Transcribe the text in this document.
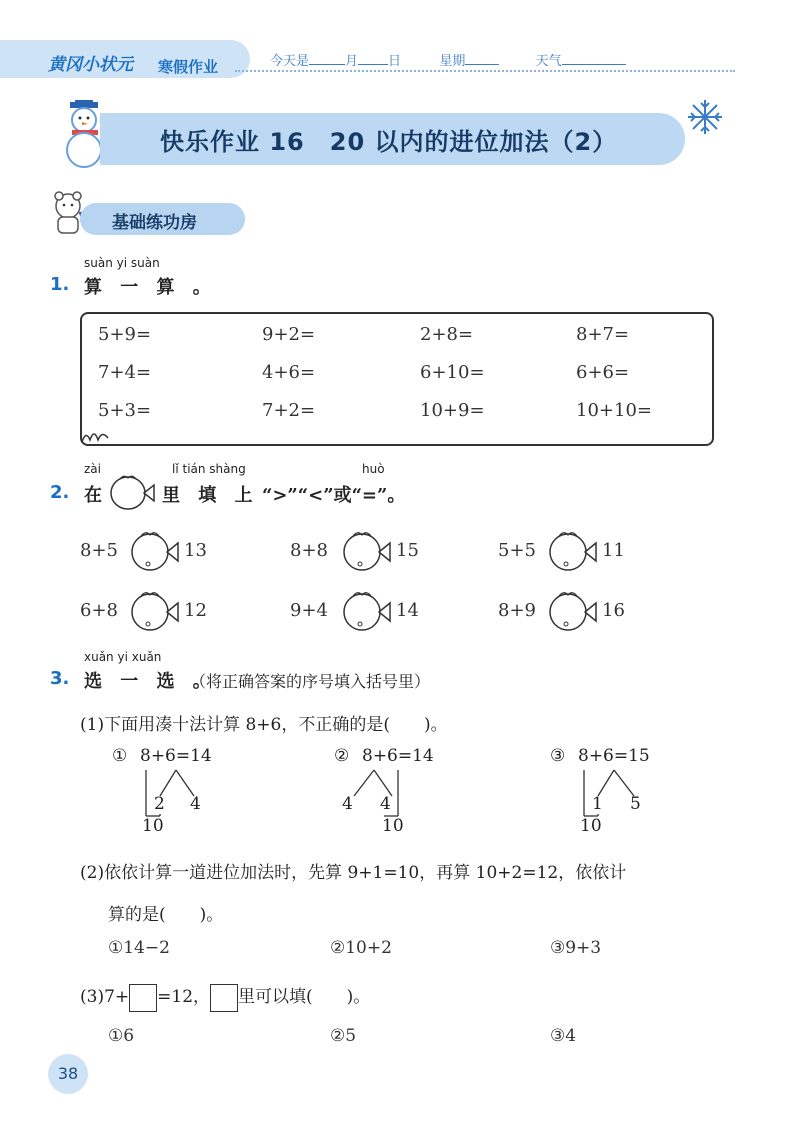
黄冈小状元 寒假作业	今天是	月 日	星期	天气
快乐作业 16　20 以内的进位加法（2）
基础练功房
suàn yi suàn
1. 算 一 算 。
5+9=	9+2=	2+8=	8+7=
7+4=	4+6=	6+10=	6+6=
5+3=	7+2=	10+9=	10+10=
zài	lǐ tián shàng	huò
2. 在	里 填 上 “>”“<”或“=”。
8+5	13	8+8	15	5+5	11
6+8	12	9+4	14	8+9	16
xuǎn yi xuǎn
3. 选 一 选 。
（将正确答案的序号填入括号里）
(1)下面用凑十法计算 8+6，不正确的是(　　)。
① 8+6=14
2 4
10
② 8+6=14
4 4
10
③ 8+6=15
1 5
10
(2)依依计算一道进位加法时，先算 9+1=10，再算 10+2=12，依依计
算的是(　　)。
①14−2	②10+2	③9+3
(3)7+ =12， 里可以填(　　)。
①6	②5	③4
38
